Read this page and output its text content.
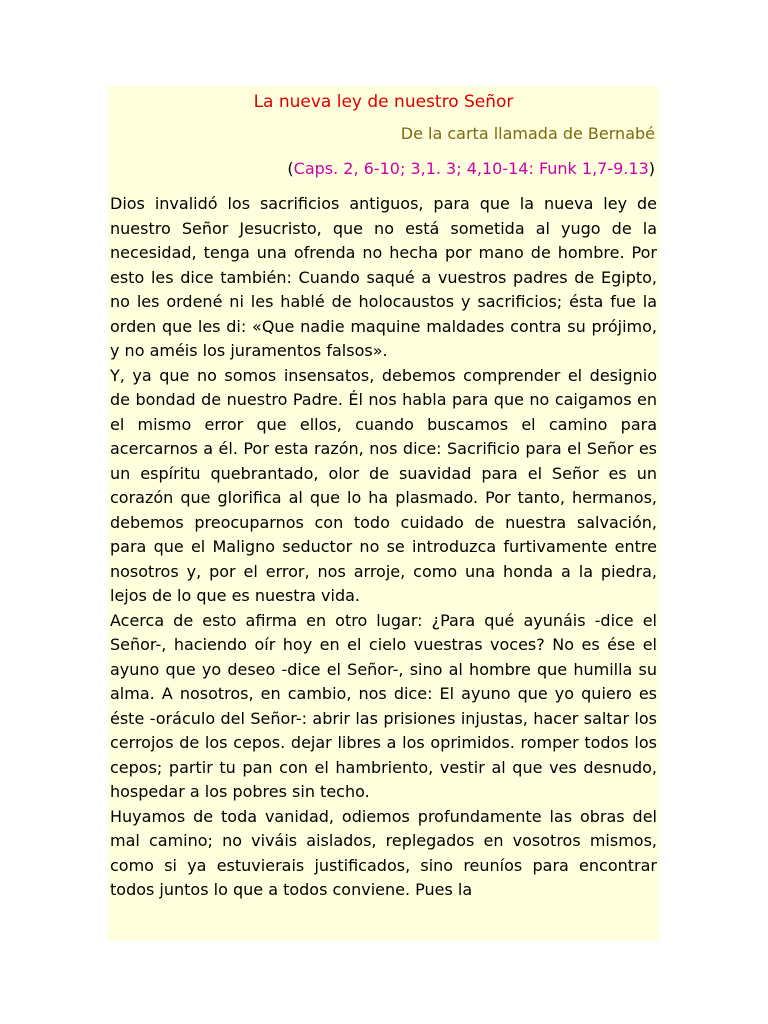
La nueva ley de nuestro Señor
De la carta llamada de Bernabé
(Caps. 2, 6-10; 3,1. 3; 4,10-14: Funk 1,7-9.13)

Dios invalidó los sacrificios antiguos, para que la nueva ley de nuestro Señor Jesucristo, que no está sometida al yugo de la necesidad, tenga una ofrenda no hecha por mano de hombre. Por esto les dice también: Cuando saqué a vuestros padres de Egipto, no les ordené ni les hablé de holocaustos y sacrificios; ésta fue la orden que les di: «Que nadie maquine maldades contra su prójimo, y no améis los juramentos falsos».

Y, ya que no somos insensatos, debemos comprender el designio de bondad de nuestro Padre. Él nos habla para que no caigamos en el mismo error que ellos, cuando buscamos el camino para acercarnos a él. Por esta razón, nos dice: Sacrificio para el Señor es un espíritu quebrantado, olor de suavidad para el Señor es un corazón que glorifica al que lo ha plasmado. Por tanto, hermanos, debemos preocuparnos con todo cuidado de nuestra salvación, para que el Maligno seductor no se introduzca furtivamente entre nosotros y, por el error, nos arroje, como una honda a la piedra, lejos de lo que es nuestra vida.

Acerca de esto afirma en otro lugar: ¿Para qué ayunáis -dice el Señor-, haciendo oír hoy en el cielo vuestras voces? No es ése el ayuno que yo deseo -dice el Señor-, sino al hombre que humilla su alma. A nosotros, en cambio, nos dice: El ayuno que yo quiero es éste -oráculo del Señor-: abrir las prisiones injustas, hacer saltar los cerrojos de los cepos. dejar libres a los oprimidos. romper todos los cepos; partir tu pan con el hambriento, vestir al que ves desnudo, hospedar a los pobres sin techo.

Huyamos de toda vanidad, odiemos profundamente las obras del mal camino; no viváis aislados, replegados en vosotros mismos, como si ya estuvierais justificados, sino reuníos para encontrar todos juntos lo que a todos conviene. Pues la
